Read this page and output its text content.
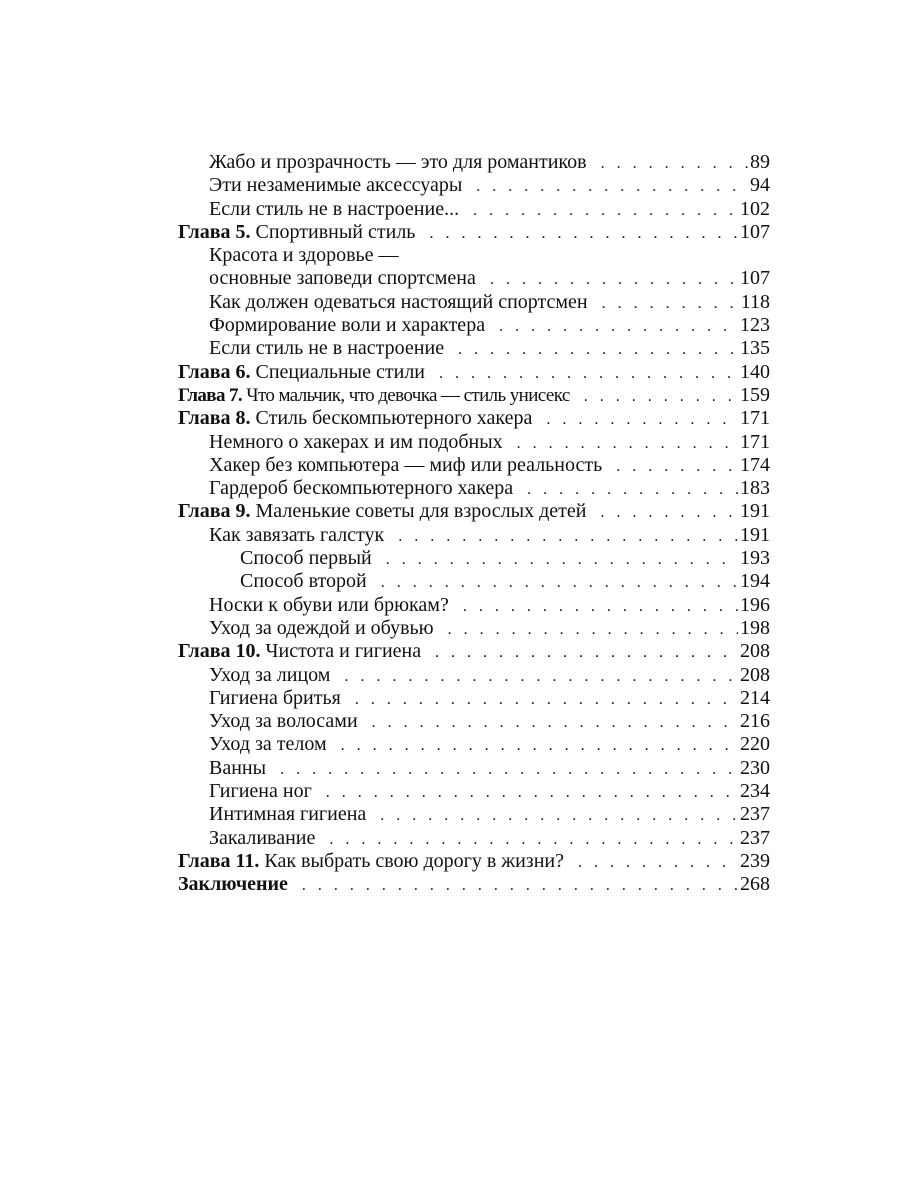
Жабо и прозрачность — это для романтиков . . .	89
Эти незаменимые аксессуары . . .	94
Если стиль не в настроение... . . .	102
Глава 5. Спортивный стиль . . .	107
Красота и здоровье —
основные заповеди спортсмена . . .	107
Как должен одеваться настоящий спортсмен . . .	118
Формирование воли и характера . . .	123
Если стиль не в настроение . . .	135
Глава 6. Специальные стили . . .	140
Глава 7. Что мальчик, что девочка — стиль унисекс . . .	159
Глава 8. Стиль бескомпьютерного хакера . . .	171
Немного о хакерах и им подобных . . .	171
Хакер без компьютера — миф или реальность . . .	174
Гардероб бескомпьютерного хакера . . .	183
Глава 9. Маленькие советы для взрослых детей . . .	191
Как завязать галстук . . .	191
Способ первый . . .	193
Способ второй . . .	194
Носки к обуви или брюкам? . . .	196
Уход за одеждой и обувью . . .	198
Глава 10. Чистота и гигиена . . .	208
Уход за лицом . . .	208
Гигиена бритья . . .	214
Уход за волосами . . .	216
Уход за телом . . .	220
Ванны . . .	230
Гигиена ног . . .	234
Интимная гигиена . . .	237
Закаливание . . .	237
Глава 11. Как выбрать свою дорогу в жизни? . . .	239
Заключение . . .	268
